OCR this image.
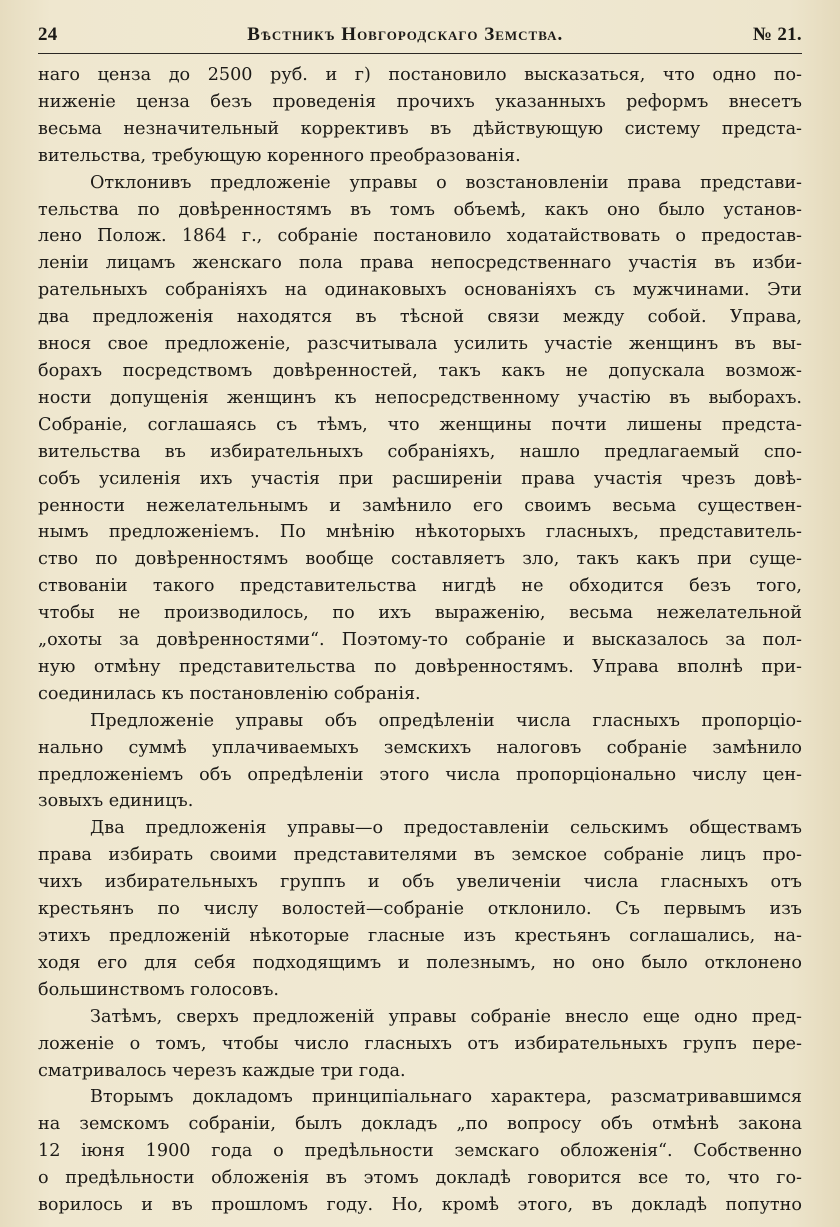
24	Вѣстникъ Новгородскаго Земства.	№ 21.

наго ценза до 2500 руб. и г) постановило высказаться, что одно по-

ниженіе ценза безъ проведенія прочихъ указанныхъ реформъ внесетъ

весьма незначительный коррективъ въ дѣйствующую систему предста-

вительства, требующую коренного преобразованія.

Отклонивъ предложеніе управы о возстановленіи права представи-

тельства по довѣренностямъ въ томъ объемѣ, какъ оно было установ-

лено Полож. 1864 г., собраніе постановило ходатайствовать о предостав-

леніи лицамъ женскаго пола права непосредственнаго участія въ изби-

рательныхъ собраніяхъ на одинаковыхъ основаніяхъ съ мужчинами. Эти

два предложенія находятся въ тѣсной связи между собой. Управа,

внося свое предложеніе, разсчитывала усилить участіе женщинъ въ вы-

борахъ посредствомъ довѣренностей, такъ какъ не допускала возмож-

ности допущенія женщинъ къ непосредственному участію въ выборахъ.

Собраніе, соглашаясь съ тѣмъ, что женщины почти лишены предста-

вительства въ избирательныхъ собраніяхъ, нашло предлагаемый спо-

собъ усиленія ихъ участія при расширеніи права участія чрезъ довѣ-

ренности нежелательнымъ и замѣнило его своимъ весьма существен-

нымъ предложеніемъ. По мнѣнію нѣкоторыхъ гласныхъ, представитель-

ство по довѣренностямъ вообще составляетъ зло, такъ какъ при суще-

ствованіи такого представительства нигдѣ не обходится безъ того,

чтобы не производилось, по ихъ выраженію, весьма нежелательной

„охоты за довѣренностями“. Поэтому-то собраніе и высказалось за пол-

ную отмѣну представительства по довѣренностямъ. Управа вполнѣ при-

соединилась къ постановленію собранія.

Предложеніе управы объ опредѣленіи числа гласныхъ пропорціо-

нально суммѣ уплачиваемыхъ земскихъ налоговъ собраніе замѣнило

предложеніемъ объ опредѣленіи этого числа пропорціонально числу цен-

зовыхъ единицъ.

Два предложенія управы—о предоставленіи сельскимъ обществамъ

права избирать своими представителями въ земское собраніе лицъ про-

чихъ избирательныхъ группъ и объ увеличеніи числа гласныхъ отъ

крестьянъ по числу волостей—собраніе отклонило. Съ первымъ изъ

этихъ предложеній нѣкоторые гласные изъ крестьянъ соглашались, на-

ходя его для себя подходящимъ и полезнымъ, но оно было отклонено

большинствомъ голосовъ.

Затѣмъ, сверхъ предложеній управы собраніе внесло еще одно пред-

ложеніе о томъ, чтобы число гласныхъ отъ избирательныхъ групъ пере-

сматривалось черезъ каждые три года.

Вторымъ докладомъ принципіальнаго характера, разсматривавшимся

на земскомъ собраніи, былъ докладъ „по вопросу объ отмѣнѣ закона

12 іюня 1900 года о предѣльности земскаго обложенія“. Собственно

о предѣльности обложенія въ этомъ докладѣ говорится все то, что го-

ворилось и въ прошломъ году. Но, кромѣ этого, въ докладѣ попутно
